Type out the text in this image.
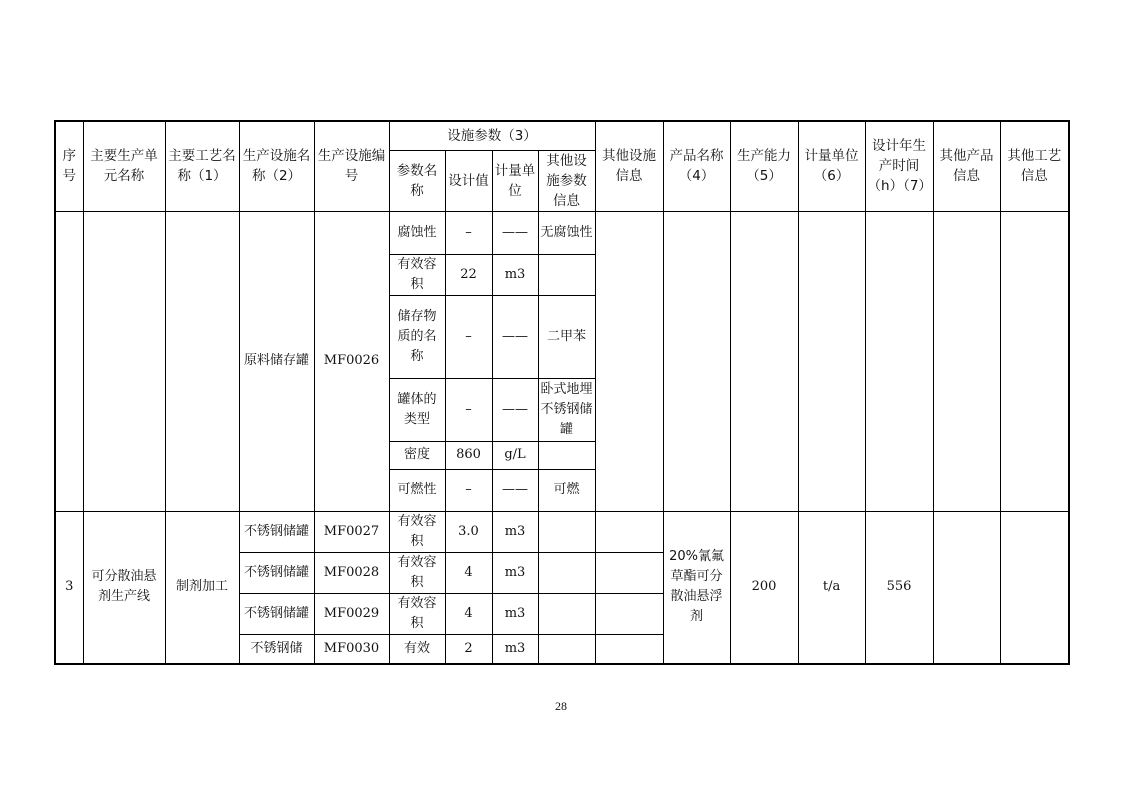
序号	主要生产单元名称	主要工艺名称（1）	生产设施名称（2）	生产设施编号	设施参数（3）				其他设施信息	产品名称（4）	生产能力（5）	计量单位（6）	设计年生产时间（h）（7）	其他产品信息	其他工艺信息
					参数名称	设计值	计量单位	其他设施参数信息							
			原料储存罐	MF0026	腐蚀性	–	——	无腐蚀性							
					有效容积	22	m3								
					储存物质的名称	–	——	二甲苯							
					罐体的类型	–	——	卧式地埋不锈钢储罐							
					密度	860	g/L								
					可燃性	–	——	可燃							
3	可分散油悬剂生产线	制剂加工	不锈钢储罐	MF0027	有效容积	3.0	m3			20%氰氟草酯可分散油悬浮剂	200	t/a	556		
			不锈钢储罐	MF0028	有效容积	4	m3								
			不锈钢储罐	MF0029	有效容积	4	m3								
			不锈钢储	MF0030	有效	2	m3								
28
